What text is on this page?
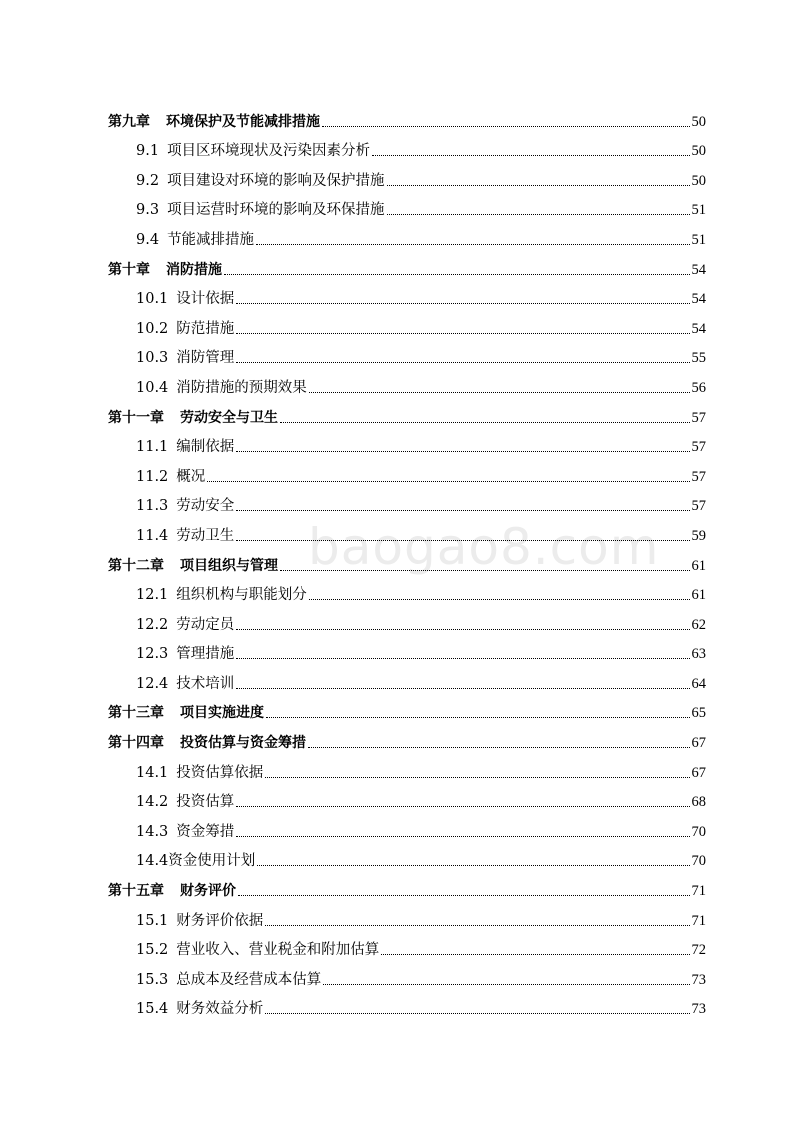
baogao8.com
第九章 环境保护及节能减排措施	50
9.1 项目区环境现状及污染因素分析	50
9.2 项目建设对环境的影响及保护措施	50
9.3 项目运营时环境的影响及环保措施	51
9.4 节能减排措施	51
第十章 消防措施	54
10.1 设计依据	54
10.2 防范措施	54
10.3 消防管理	55
10.4 消防措施的预期效果	56
第十一章 劳动安全与卫生	57
11.1 编制依据	57
11.2 概况	57
11.3 劳动安全	57
11.4 劳动卫生	59
第十二章 项目组织与管理	61
12.1 组织机构与职能划分	61
12.2 劳动定员	62
12.3 管理措施	63
12.4 技术培训	64
第十三章 项目实施进度	65
第十四章 投资估算与资金筹措	67
14.1 投资估算依据	67
14.2 投资估算	68
14.3 资金筹措	70
14.4资金使用计划	70
第十五章 财务评价	71
15.1 财务评价依据	71
15.2 营业收入、营业税金和附加估算	72
15.3 总成本及经营成本估算	73
15.4 财务效益分析	73
